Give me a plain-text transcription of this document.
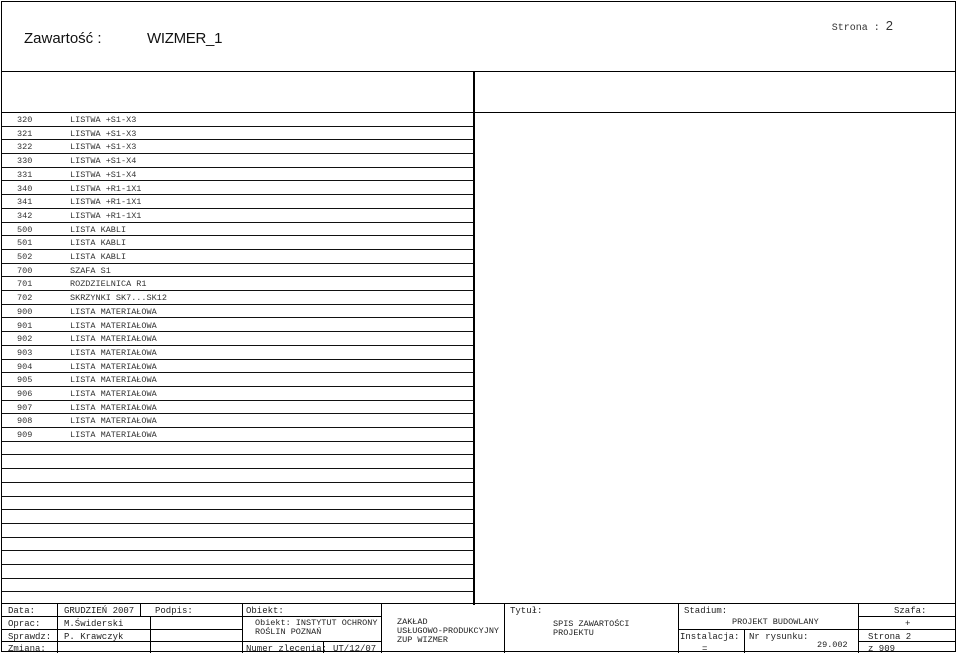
Zawartość :	WIZMER_1
Strona : 2
320	LISTWA +S1-X3
321	LISTWA +S1-X3
322	LISTWA +S1-X3
330	LISTWA +S1-X4
331	LISTWA +S1-X4
340	LISTWA +R1-1X1
341	LISTWA +R1-1X1
342	LISTWA +R1-1X1
500	LISTA KABLI
501	LISTA KABLI
502	LISTA KABLI
700	SZAFA S1
701	ROZDZIELNICA R1
702	SKRZYNKI SK7...SK12
900	LISTA MATERIAŁOWA
901	LISTA MATERIAŁOWA
902	LISTA MATERIAŁOWA
903	LISTA MATERIAŁOWA
904	LISTA MATERIAŁOWA
905	LISTA MATERIAŁOWA
906	LISTA MATERIAŁOWA
907	LISTA MATERIAŁOWA
908	LISTA MATERIAŁOWA
909	LISTA MATERIAŁOWA
Data:	GRUDZIEŃ 2007 Podpis:
Oprac:	M.Świderski
Sprawdz: P. Krawczyk
Zmiana:
Obiekt:
Obiekt: INSTYTUT OCHRONY
ROŚLIN POZNAŃ
Numer zlecenia: UT/12/07
ZAKŁAD
USŁUGOWO-PRODUKCYJNY
ZUP WIZMER
Tytuł:
SPIS ZAWARTOŚCI
PROJEKTU
Stadium:
PROJEKT BUDOWLANY
Instalacja:
=
Nr rysunku:
29.002
Szafa:
+
Strona 2
z 909
